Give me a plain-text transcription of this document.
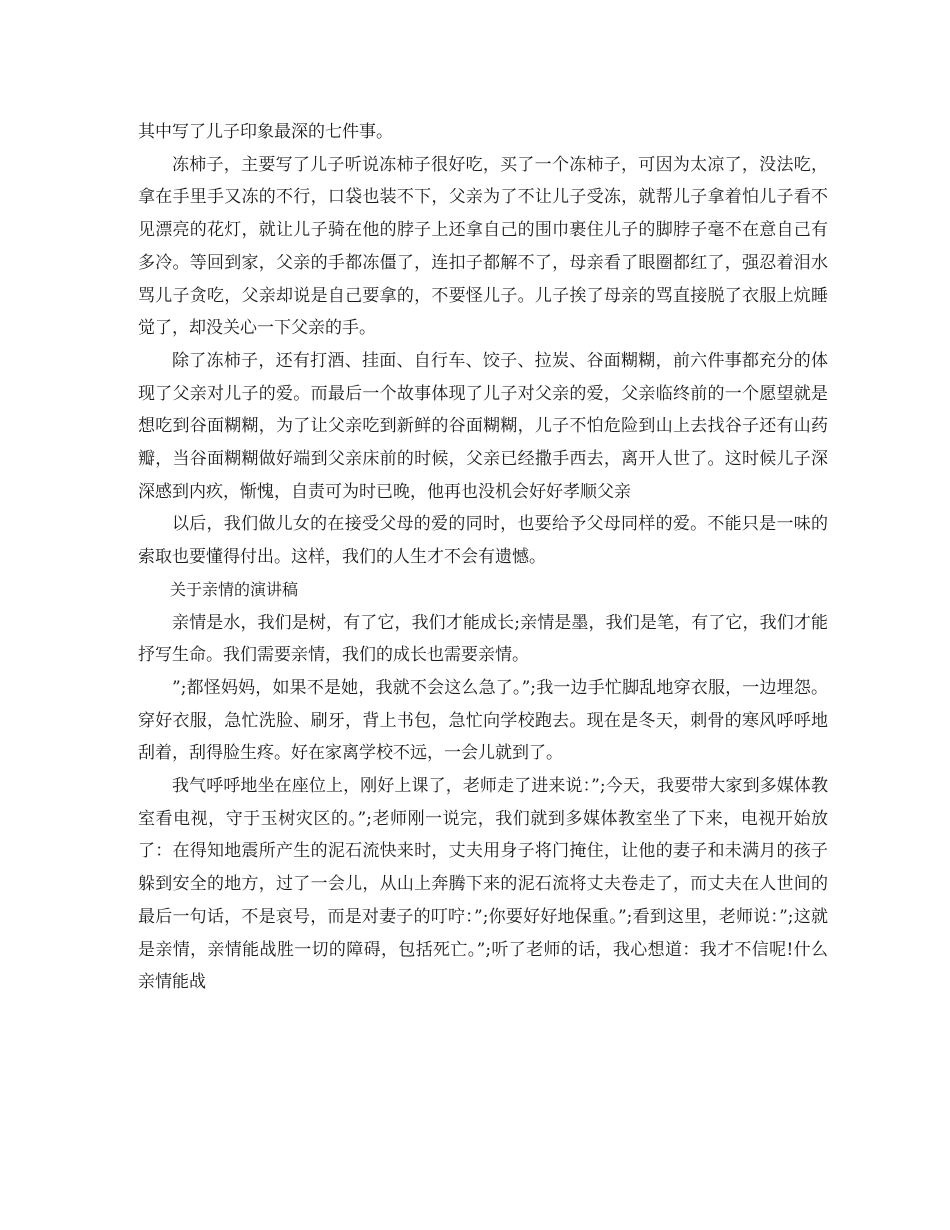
其中写了儿子印象最深的七件事。

冻柿子，主要写了儿子听说冻柿子很好吃，买了一个冻柿子，可因为太凉了，没法吃，拿在手里手又冻的不行，口袋也装不下，父亲为了不让儿子受冻，就帮儿子拿着怕儿子看不见漂亮的花灯，就让儿子骑在他的脖子上还拿自己的围巾裹住儿子的脚脖子毫不在意自己有多冷。等回到家，父亲的手都冻僵了，连扣子都解不了，母亲看了眼圈都红了，强忍着泪水骂儿子贪吃，父亲却说是自己要拿的，不要怪儿子。儿子挨了母亲的骂直接脱了衣服上炕睡觉了，却没关心一下父亲的手。

除了冻柿子，还有打酒、挂面、自行车、饺子、拉炭、谷面糊糊，前六件事都充分的体现了父亲对儿子的爱。而最后一个故事体现了儿子对父亲的爱，父亲临终前的一个愿望就是想吃到谷面糊糊，为了让父亲吃到新鲜的谷面糊糊，儿子不怕危险到山上去找谷子还有山药瓣，当谷面糊糊做好端到父亲床前的时候，父亲已经撒手西去，离开人世了。这时候儿子深深感到内疚，惭愧，自责可为时已晚，他再也没机会好好孝顺父亲

以后，我们做儿女的在接受父母的爱的同时，也要给予父母同样的爱。不能只是一味的索取也要懂得付出。这样，我们的人生才不会有遗憾。

关于亲情的演讲稿

亲情是水，我们是树，有了它，我们才能成长;亲情是墨，我们是笔，有了它，我们才能抒写生命。我们需要亲情，我们的成长也需要亲情。

”;都怪妈妈，如果不是她，我就不会这么急了。”;我一边手忙脚乱地穿衣服，一边埋怨。穿好衣服，急忙洗脸、刷牙，背上书包，急忙向学校跑去。现在是冬天，刺骨的寒风呼呼地刮着，刮得脸生疼。好在家离学校不远，一会儿就到了。

我气呼呼地坐在座位上，刚好上课了，老师走了进来说：”;今天，我要带大家到多媒体教室看电视，守于玉树灾区的。”;老师刚一说完，我们就到多媒体教室坐了下来，电视开始放了：在得知地震所产生的泥石流快来时，丈夫用身子将门掩住，让他的妻子和未满月的孩子躲到安全的地方，过了一会儿，从山上奔腾下来的泥石流将丈夫卷走了，而丈夫在人世间的最后一句话，不是哀号，而是对妻子的叮咛：”;你要好好地保重。”;看到这里，老师说：”;这就是亲情，亲情能战胜一切的障碍，包括死亡。”;听了老师的话，我心想道：我才不信呢!什么亲情能战
